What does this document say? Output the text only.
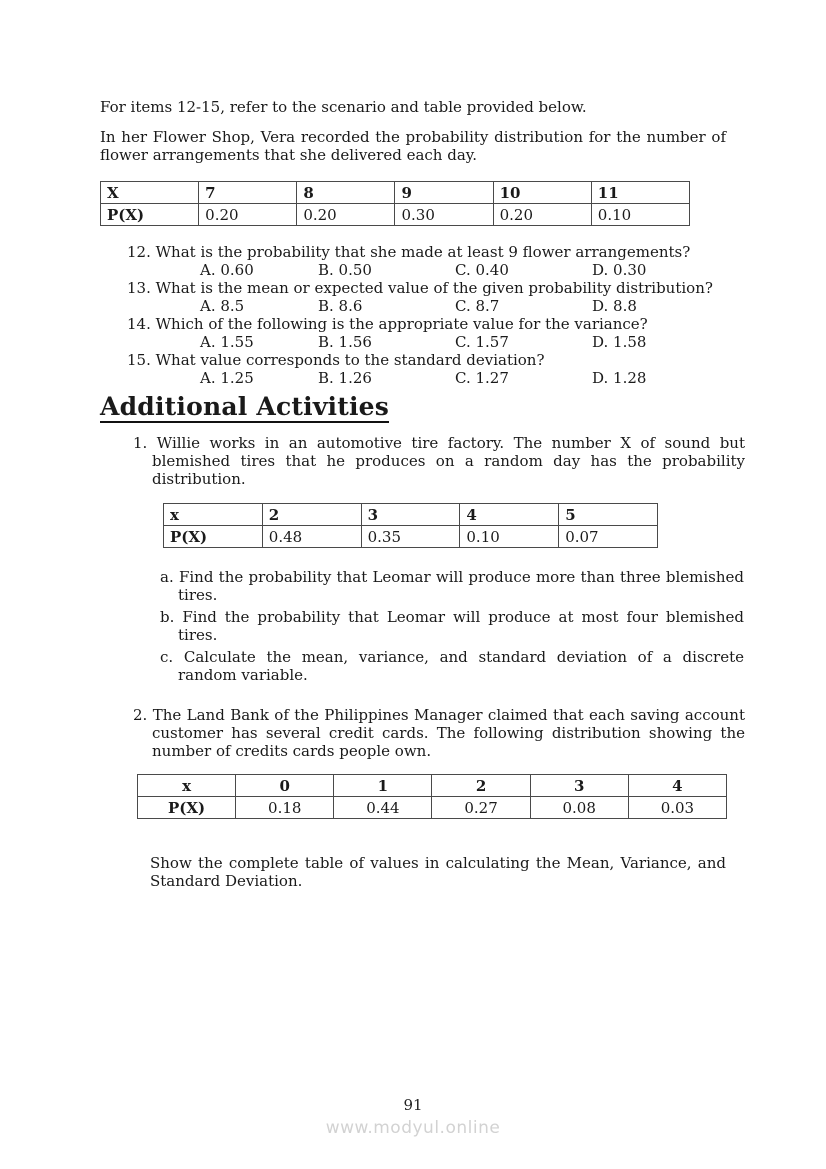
For items 12-15, refer to the scenario and table provided below.

In her Flower Shop, Vera recorded the probability distribution for the number of flower arrangements that she delivered each day.

X	7	8	9	10	11
P(X)	0.20	0.20	0.30	0.20	0.10
12. What is the probability that she made at least 9 flower arrangements?
A. 0.60	B. 0.50	C. 0.40	D. 0.30
13. What is the mean or expected value of the given probability distribution?
A. 8.5	B. 8.6	C. 8.7	D. 8.8
14. Which of the following is the appropriate value for the variance?
A. 1.55	B. 1.56	C. 1.57	D. 1.58
15. What value corresponds to the standard deviation?
A. 1.25	B. 1.26	C. 1.27	D. 1.28
Additional Activities
1. Willie works in an automotive tire factory. The number X of sound but blemished tires that he produces on a random day has the probability distribution.
x	2	3	4	5
P(X)	0.48	0.35	0.10	0.07
a. Find the probability that Leomar will produce more than three blemished tires.
b. Find the probability that Leomar will produce at most four blemished tires.
c. Calculate the mean, variance, and standard deviation of a discrete random variable.
2. The Land Bank of the Philippines Manager claimed that each saving account customer has several credit cards. The following distribution showing the number of credits cards people own.
x	0	1	2	3	4
P(X)	0.18	0.44	0.27	0.08	0.03

Show the complete table of values in calculating the Mean, Variance, and Standard Deviation.

91
www.modyul.online
